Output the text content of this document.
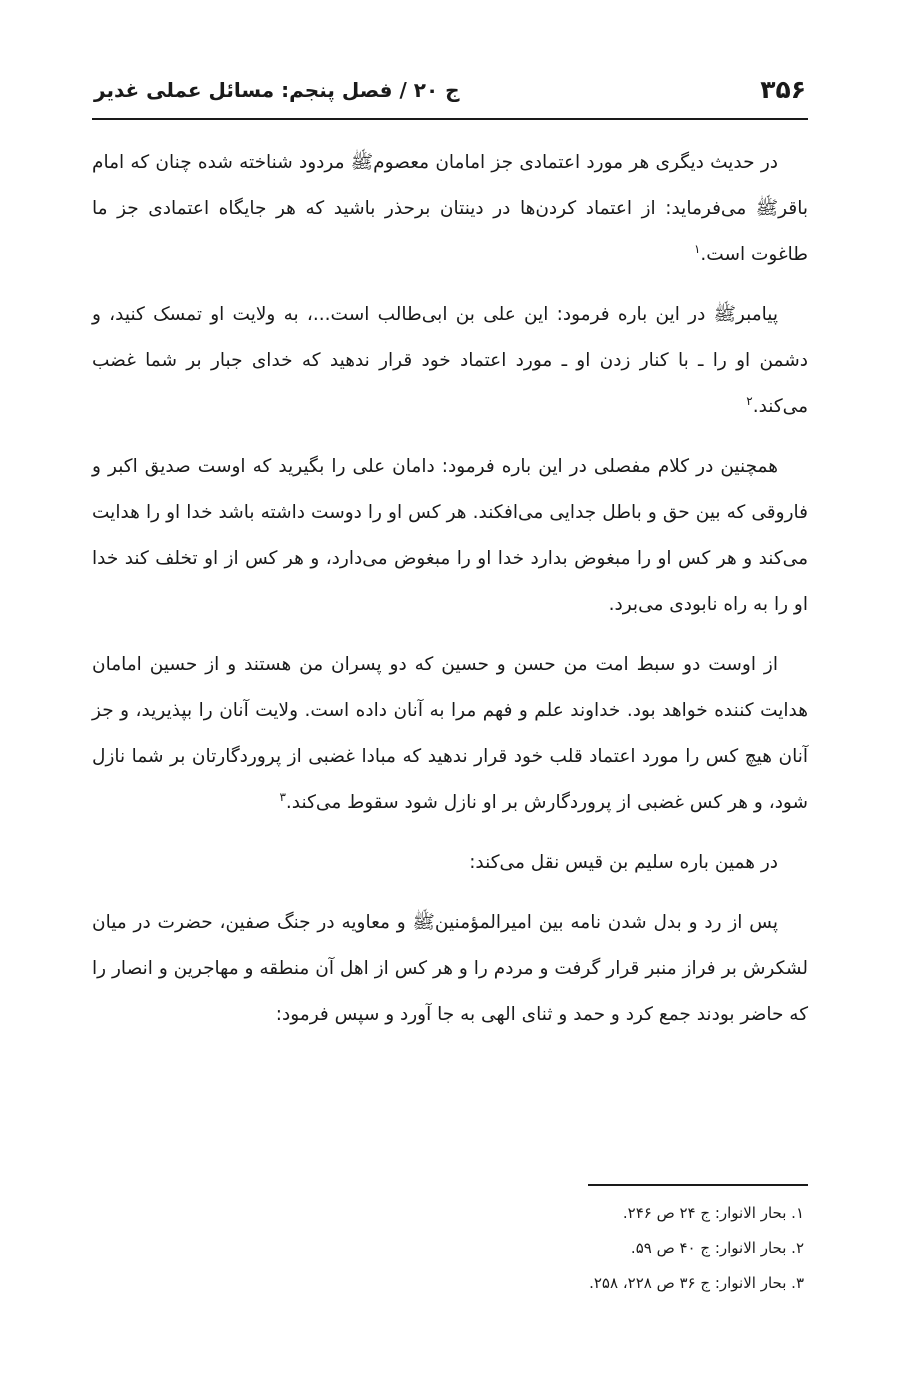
۳۵۶
ج ۲۰ / فصل پنجم: مسائل عملی غدیر

در حدیث دیگری هر مورد اعتمادی جز امامان معصومﷺ مردود شناخته شده چنان که امام باقرﷺ می‌فرماید: از اعتماد کردن‌ها در دینتان برحذر باشید که هر جایگاه اعتمادی جز ما طاغوت است.$^۱$

پیامبرﷺ در این باره فرمود: این علی بن ابی‌طالب است...، به ولایت او تمسک کنید، و دشمن او را ـ با کنار زدن او ـ مورد اعتماد خود قرار ندهید که خدای جبار بر شما غضب می‌کند.$^۲$

همچنین در کلام مفصلی در این باره فرمود: دامان علی را بگیرید که اوست صدیق اکبر و فاروقی که بین حق و باطل جدایی می‌افکند. هر کس او را دوست داشته باشد خدا او را هدایت می‌کند و هر کس او را مبغوض بدارد خدا او را مبغوض می‌دارد، و هر کس از او تخلف کند خدا او را به راه نابودی می‌برد.

از اوست دو سبط امت من حسن و حسین که دو پسران من هستند و از حسین امامان هدایت کننده خواهد بود. خداوند علم و فهم مرا به آنان داده است. ولایت آنان را بپذیرید، و جز آنان هیچ کس را مورد اعتماد قلب خود قرار ندهید که مبادا غضبی از پروردگارتان بر شما نازل شود، و هر کس غضبی از پروردگارش بر او نازل شود سقوط می‌کند.$^۳$

در همین باره سلیم بن قیس نقل می‌کند:

پس از رد و بدل شدن نامه بین امیرالمؤمنینﷺ و معاویه در جنگ صفین، حضرت در میان لشکرش بر فراز منبر قرار گرفت و مردم را و هر کس از اهل آن منطقه و مهاجرین و انصار را که حاضر بودند جمع کرد و حمد و ثنای الهی به جا آورد و سپس فرمود:

۱. بحار الانوار: ج ۲۴ ص ۲۴۶.
۲. بحار الانوار: ج ۴۰ ص ۵۹.
۳. بحار الانوار: ج ۳۶ ص ۲۲۸، ۲۵۸.
